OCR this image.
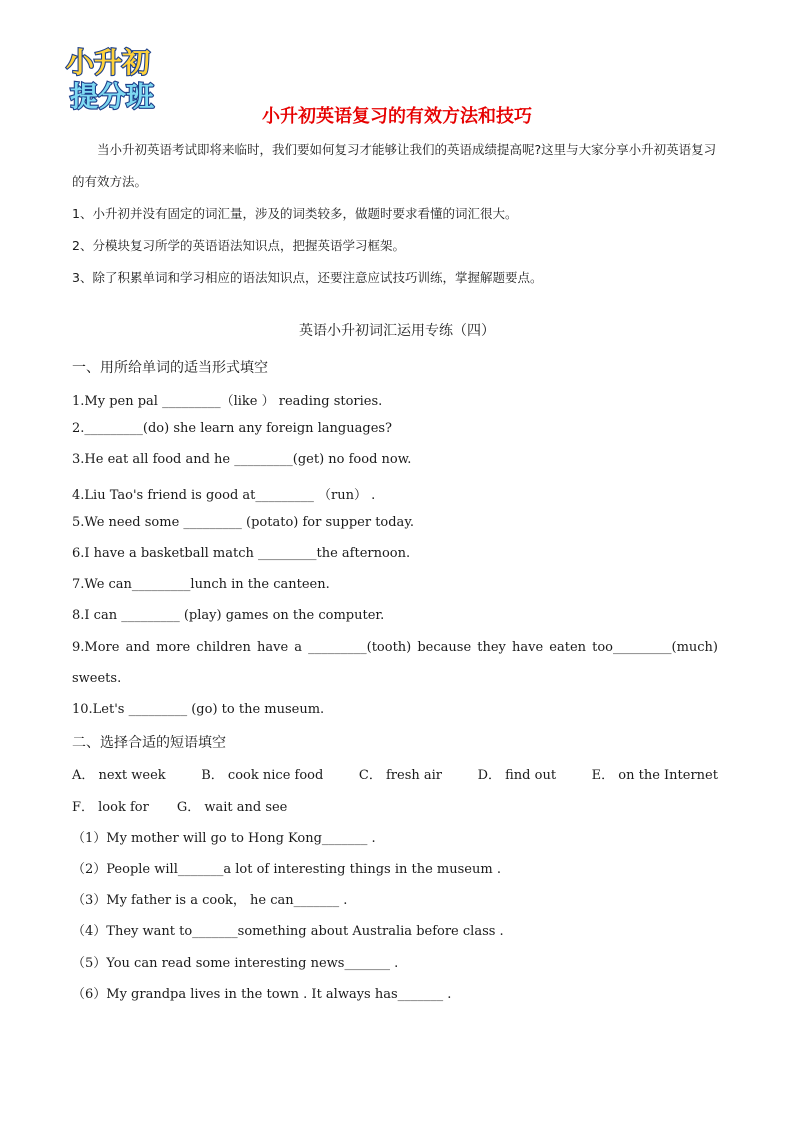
小升初
提分班
小升初英语复习的有效方法和技巧

当小升初英语考试即将来临时，我们要如何复习才能够让我们的英语成绩提高呢?这里与大家分享小升初英语复习的有效方法。

1、小升初并没有固定的词汇量，涉及的词类较多，做题时要求看懂的词汇很大。

2、分模块复习所学的英语语法知识点，把握英语学习框架。

3、除了积累单词和学习相应的语法知识点，还要注意应试技巧训练，掌握解题要点。

英语小升初词汇运用专练（四）
一、用所给单词的适当形式填空
1.My pen pal _________（like ） reading stories.
2._________(do) she learn any foreign languages?
3.He eat all food and he _________(get) no food now.
4.Liu Tao's friend is good at_________ （run） .
5.We need some _________ (potato) for supper today.
6.I have a basketball match _________the afternoon.
7.We can_________lunch in the canteen.
8.I can _________ (play) games on the computer.
9.More and more children have a _________(tooth) because they have eaten too_________(much)
sweets.
10.Let's _________ (go) to the museum.
二、选择合适的短语填空
A． next week	B． cook nice food	C． fresh air	D． find out	E． on the Internet
F． look for G． wait and see
（1）My mother will go to Hong Kong_______ .
（2）People will_______a lot of interesting things in the museum .
（3）My father is a cook， he can_______ .
（4）They want to_______something about Australia before class .
（5）You can read some interesting news_______ .
（6）My grandpa lives in the town . It always has_______ .
